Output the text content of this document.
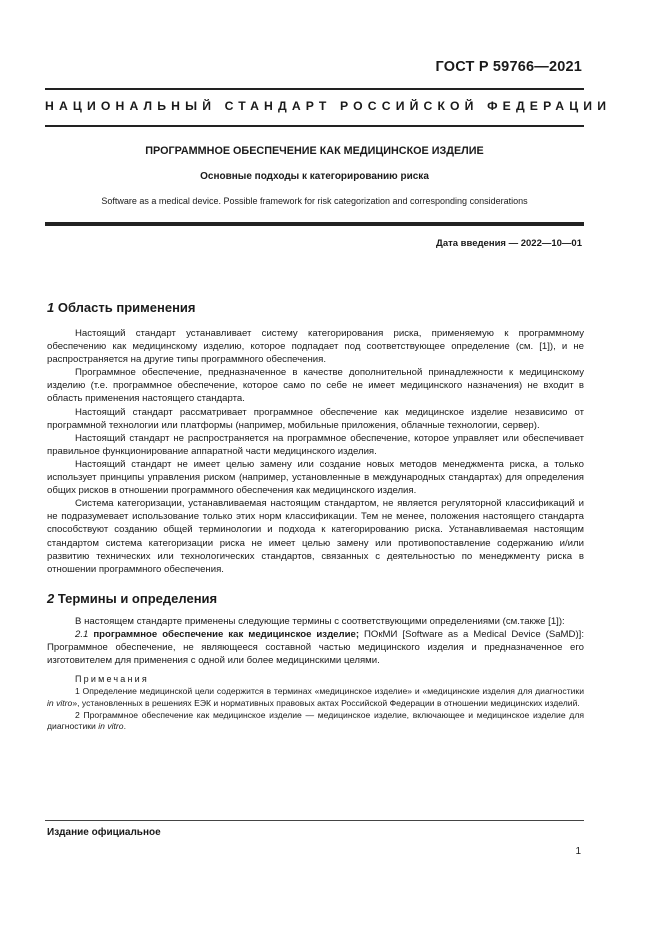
ГОСТ Р 59766—2021
НАЦИОНАЛЬНЫЙ СТАНДАРТ РОССИЙСКОЙ ФЕДЕРАЦИИ
ПРОГРАММНОЕ ОБЕСПЕЧЕНИЕ КАК МЕДИЦИНСКОЕ ИЗДЕЛИЕ
Основные подходы к категорированию риска
Software as a medical device. Possible framework for risk categorization and corresponding considerations
Дата введения — 2022—10—01
1 Область применения

Настоящий стандарт устанавливает систему категорирования риска, применяемую к программному обеспечению как медицинскому изделию, которое подпадает под соответствующее определение (см. [1]), и не распространяется на другие типы программного обеспечения.

Программное обеспечение, предназначенное в качестве дополнительной принадлежности к медицинскому изделию (т.е. программное обеспечение, которое само по себе не имеет медицинского назначения) не входит в область применения настоящего стандарта.

Настоящий стандарт рассматривает программное обеспечение как медицинское изделие независимо от программной технологии или платформы (например, мобильные приложения, облачные технологии, сервер).

Настоящий стандарт не распространяется на программное обеспечение, которое управляет или обеспечивает правильное функционирование аппаратной части медицинского изделия.

Настоящий стандарт не имеет целью замену или создание новых методов менеджмента риска, а только использует принципы управления риском (например, установленные в международных стандартах) для определения общих рисков в отношении программного обеспечения как медицинского изделия.

Система категоризации, устанавливаемая настоящим стандартом, не является регуляторной классификаций и не подразумевает использование только этих норм классификации. Тем не менее, положения настоящего стандарта способствуют созданию общей терминологии и подхода к категорированию риска. Устанавливаемая настоящим стандартом система категоризации риска не имеет целью замену или противопоставление содержанию и/или развитию технических или технологических стандартов, связанных с деятельностью по менеджменту риска в отношении программного обеспечения.

2 Термины и определения

В настоящем стандарте применены следующие термины с соответствующими определениями (см.также [1]):

2.1 программное обеспечение как медицинское изделие; ПОкМИ [Software as a Medical Device (SaMD)]: Программное обеспечение, не являющееся составной частью медицинского изделия и предназначенное его изготовителем для применения с одной или более медицинскими целями.

Примечания

1 Определение медицинской цели содержится в терминах «медицинское изделие» и «медицинские изделия для диагностики in vitro», установленных в решениях ЕЭК и нормативных правовых актах Российской Федерации в отношении медицинских изделий.

2 Программное обеспечение как медицинское изделие — медицинское изделие, включающее и медицинское изделие для диагностики in vitro.

Издание официальное
1
